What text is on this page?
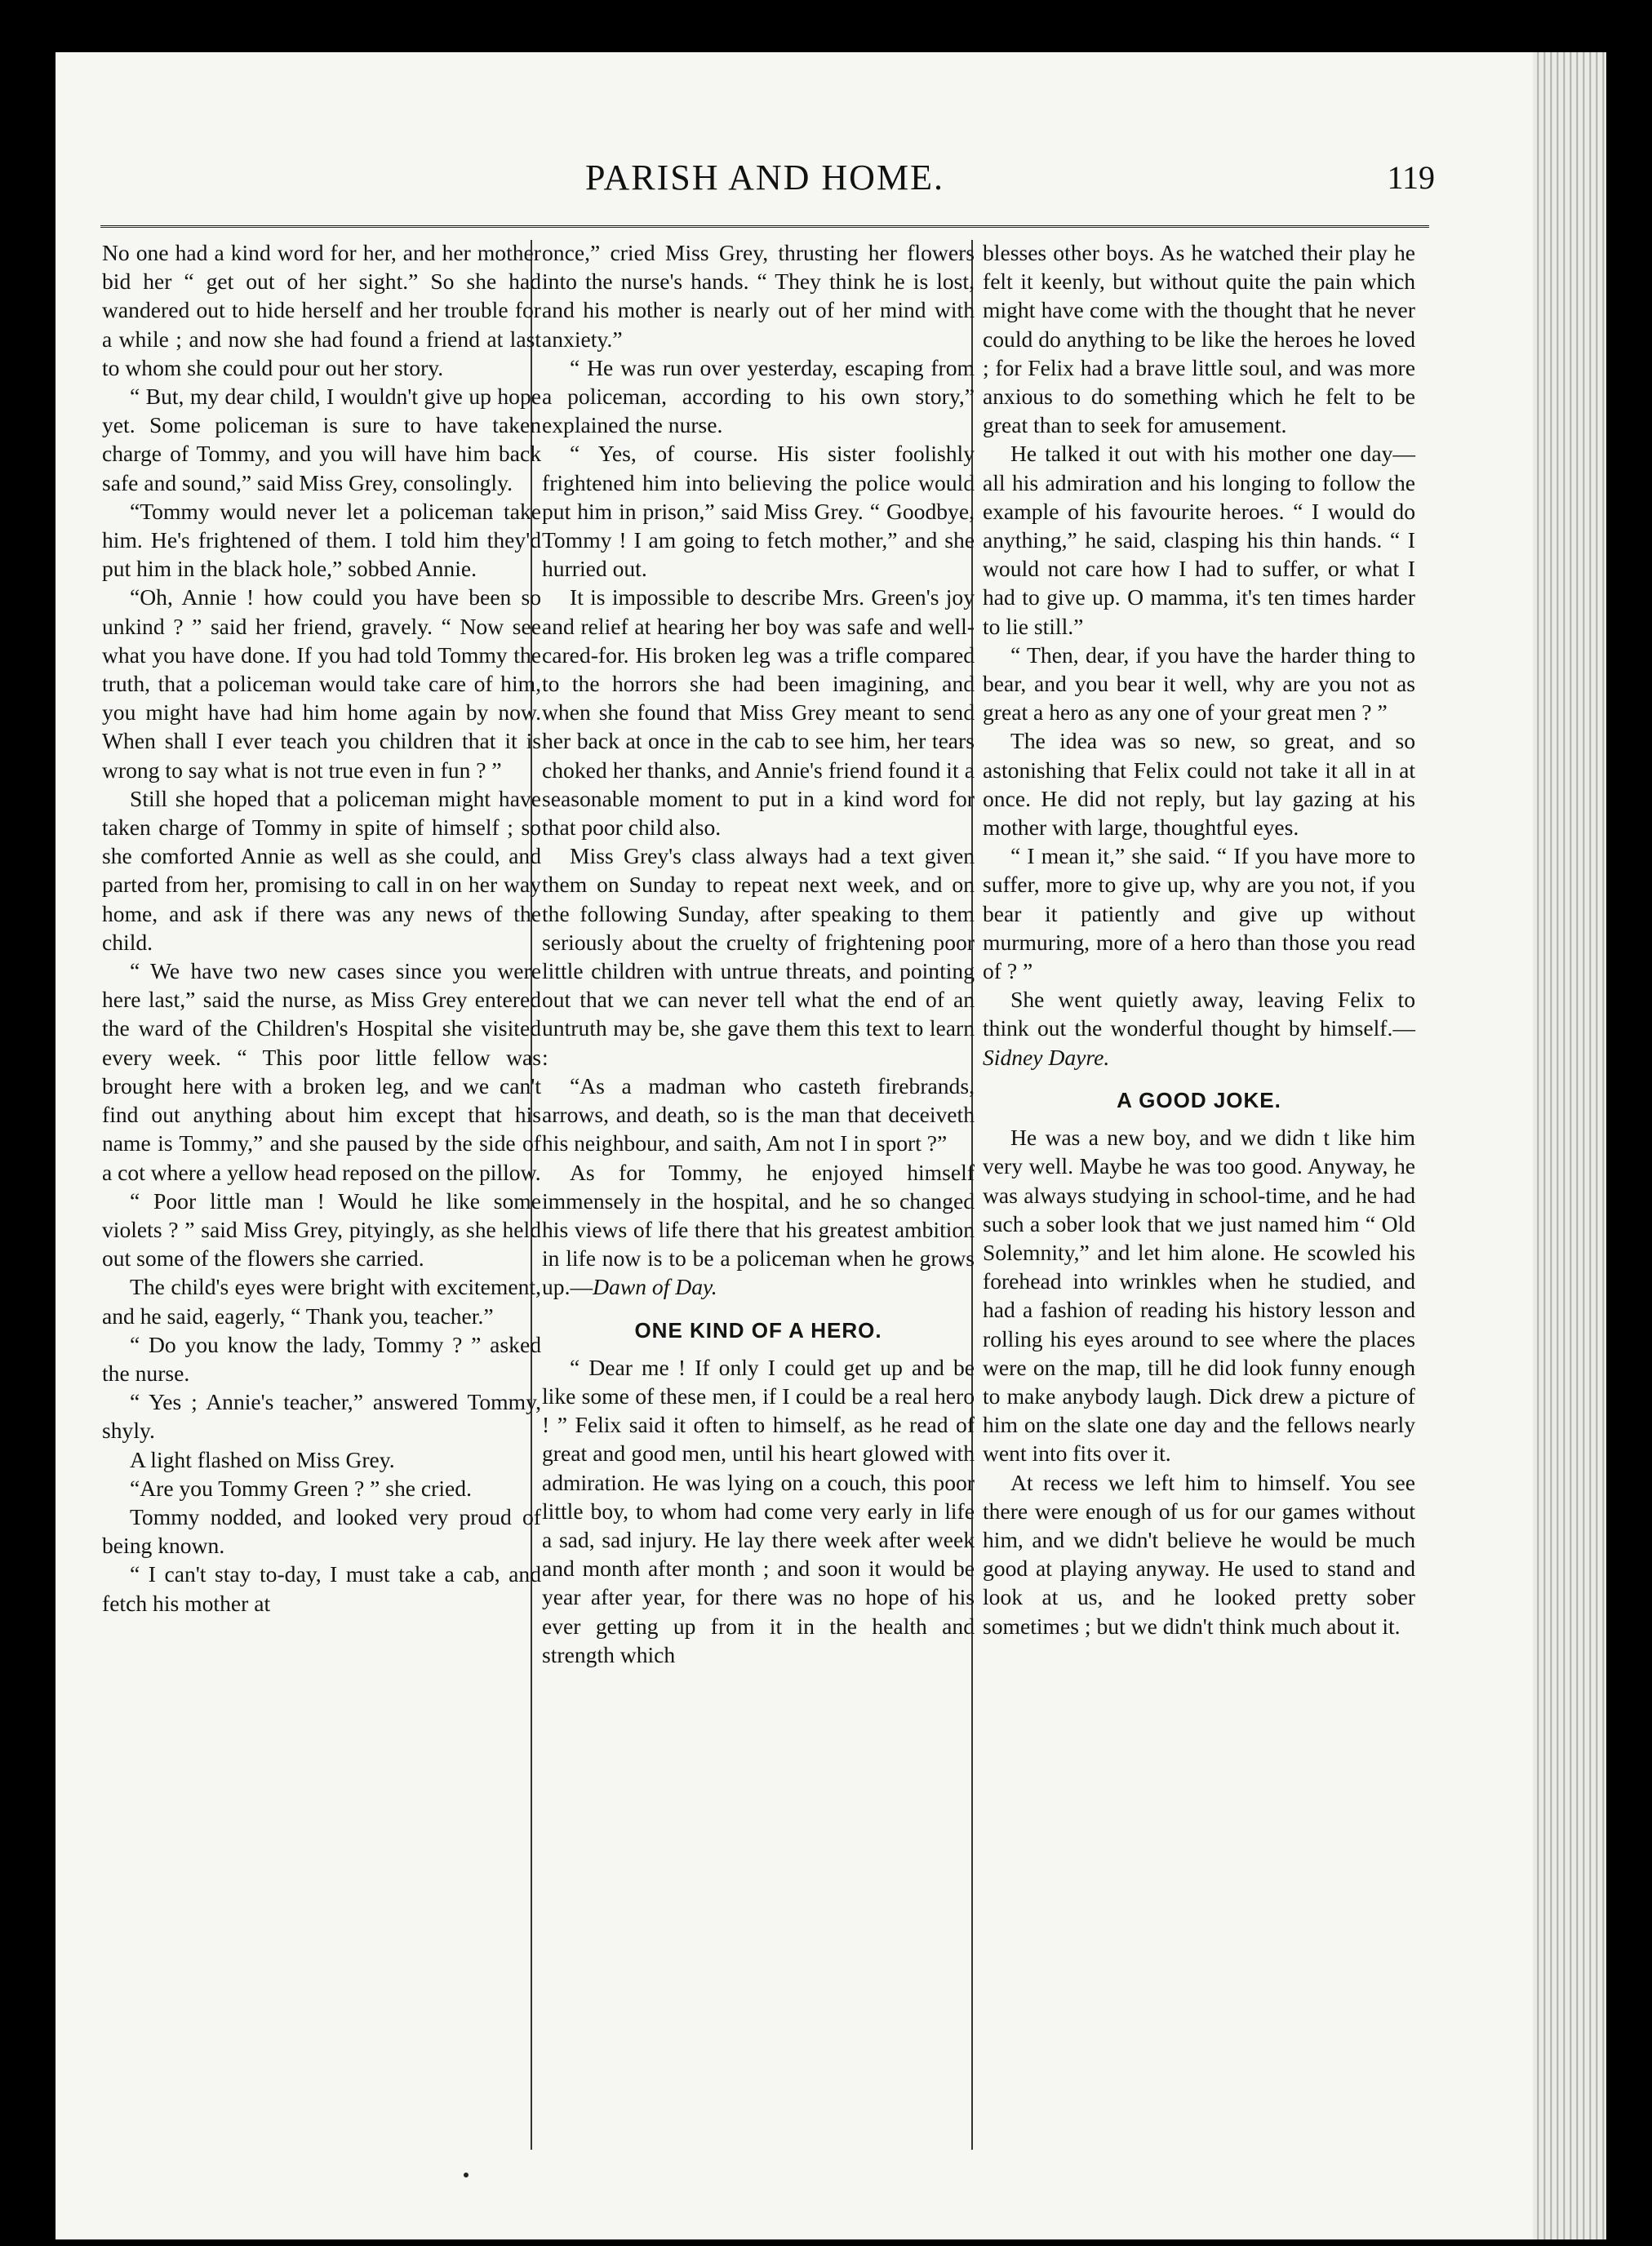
PARISH AND HOME.	119

No one had a kind word for her, and her mother bid her “ get out of her sight.” So she had wandered out to hide herself and her trouble for a while ; and now she had found a friend at last to whom she could pour out her story.

“ But, my dear child, I wouldn't give up hope yet. Some policeman is sure to have taken charge of Tommy, and you will have him back safe and sound,” said Miss Grey, consolingly.

“Tommy would never let a policeman take him. He's frightened of them. I told him they'd put him in the black hole,” sobbed Annie.

“Oh, Annie ! how could you have been so unkind ? ” said her friend, gravely. “ Now see what you have done. If you had told Tommy the truth, that a policeman would take care of him, you might have had him home again by now. When shall I ever teach you children that it is wrong to say what is not true even in fun ? ”

Still she hoped that a policeman might have taken charge of Tommy in spite of himself ; so she comforted Annie as well as she could, and parted from her, promising to call in on her way home, and ask if there was any news of the child.

“ We have two new cases since you were here last,” said the nurse, as Miss Grey entered the ward of the Children's Hospital she visited every week. “ This poor little fellow was brought here with a broken leg, and we can't find out anything about him except that his name is Tommy,” and she paused by the side of a cot where a yellow head reposed on the pillow.

“ Poor little man ! Would he like some violets ? ” said Miss Grey, pityingly, as she held out some of the flowers she carried.

The child's eyes were bright with excitement, and he said, eagerly, “ Thank you, teacher.”

“ Do you know the lady, Tommy ? ” asked the nurse.

“ Yes ; Annie's teacher,” answered Tommy, shyly.

A light flashed on Miss Grey.

“Are you Tommy Green ? ” she cried.

Tommy nodded, and looked very proud of being known.

“ I can't stay to-day, I must take a cab, and fetch his mother at

once,” cried Miss Grey, thrusting her flowers into the nurse's hands. “ They think he is lost, and his mother is nearly out of her mind with anxiety.”

“ He was run over yesterday, escaping from a policeman, according to his own story,” explained the nurse.

“ Yes, of course. His sister foolishly frightened him into believing the police would put him in prison,” said Miss Grey. “ Goodbye, Tommy ! I am going to fetch mother,” and she hurried out.

It is impossible to describe Mrs. Green's joy and relief at hearing her boy was safe and well-cared-for. His broken leg was a trifle compared to the horrors she had been imagining, and when she found that Miss Grey meant to send her back at once in the cab to see him, her tears choked her thanks, and Annie's friend found it a seasonable moment to put in a kind word for that poor child also.

Miss Grey's class always had a text given them on Sunday to repeat next week, and on the following Sunday, after speaking to them seriously about the cruelty of frightening poor little children with untrue threats, and pointing out that we can never tell what the end of an untruth may be, she gave them this text to learn :

“As a madman who casteth firebrands, arrows, and death, so is the man that deceiveth his neighbour, and saith, Am not I in sport ?”

As for Tommy, he enjoyed himself immensely in the hospital, and he so changed his views of life there that his greatest ambition in life now is to be a policeman when he grows up.—Dawn of Day.

ONE KIND OF A HERO.

“ Dear me ! If only I could get up and be like some of these men, if I could be a real hero ! ” Felix said it often to himself, as he read of great and good men, until his heart glowed with admiration. He was lying on a couch, this poor little boy, to whom had come very early in life a sad, sad injury. He lay there week after week and month after month ; and soon it would be year after year, for there was no hope of his ever getting up from it in the health and strength which

blesses other boys. As he watched their play he felt it keenly, but without quite the pain which might have come with the thought that he never could do anything to be like the heroes he loved ; for Felix had a brave little soul, and was more anxious to do something which he felt to be great than to seek for amusement.

He talked it out with his mother one day—all his admiration and his longing to follow the example of his favourite heroes. “ I would do anything,” he said, clasping his thin hands. “ I would not care how I had to suffer, or what I had to give up. O mamma, it's ten times harder to lie still.”

“ Then, dear, if you have the harder thing to bear, and you bear it well, why are you not as great a hero as any one of your great men ? ”

The idea was so new, so great, and so astonishing that Felix could not take it all in at once. He did not reply, but lay gazing at his mother with large, thoughtful eyes.

“ I mean it,” she said. “ If you have more to suffer, more to give up, why are you not, if you bear it patiently and give up without murmuring, more of a hero than those you read of ? ”

She went quietly away, leaving Felix to think out the wonderful thought by himself.—Sidney Dayre.

A GOOD JOKE.

He was a new boy, and we didn t like him very well. Maybe he was too good. Anyway, he was always studying in school-time, and he had such a sober look that we just named him “ Old Solemnity,” and let him alone. He scowled his forehead into wrinkles when he studied, and had a fashion of reading his history lesson and rolling his eyes around to see where the places were on the map, till he did look funny enough to make anybody laugh. Dick drew a picture of him on the slate one day and the fellows nearly went into fits over it.

At recess we left him to himself. You see there were enough of us for our games without him, and we didn't believe he would be much good at playing anyway. He used to stand and look at us, and he looked pretty sober sometimes ; but we didn't think much about it.
